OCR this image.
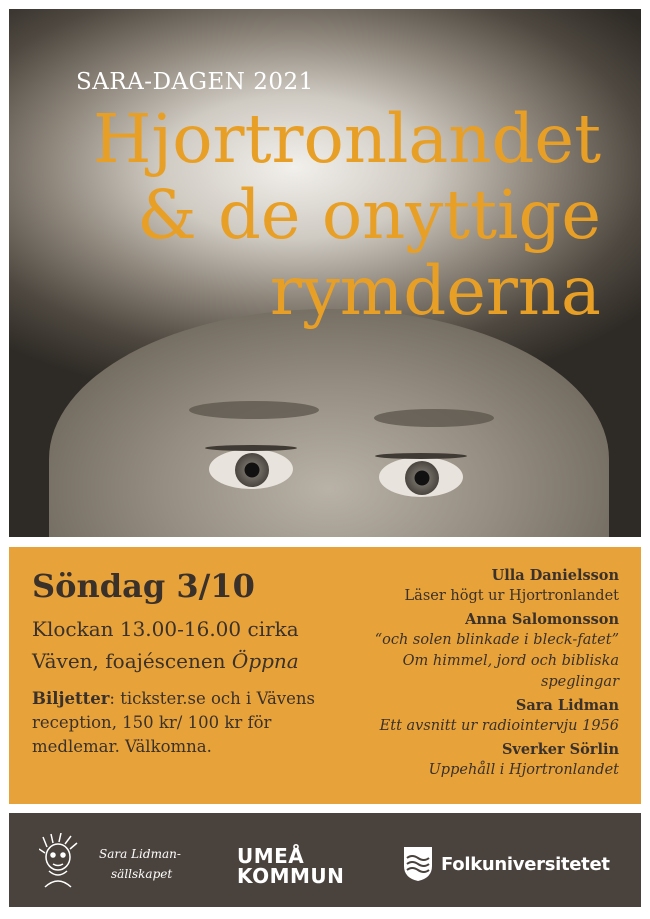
SARA-DAGEN 2021
Hjortronlandet
& de onyttige
rymderna
Söndag 3/10
Klockan 13.00-16.00 cirka
Väven, foajéscenen Öppna
Biljetter: tickster.se och i Vävens reception, 150 kr/ 100 kr för medlemar. Välkomna.
Ulla Danielsson
Läser högt ur Hjortronlandet
Anna Salomonsson
“och solen blinkade i bleck-fatet” Om himmel, jord och bibliska speglingar
Sara Lidman
Ett avsnitt ur radiointervju 1956
Sverker Sörlin
Uppehåll i Hjortronlandet
Sara Lidman-
sällskapet
UMEÅ
KOMMUN	Folkuniversitetet
